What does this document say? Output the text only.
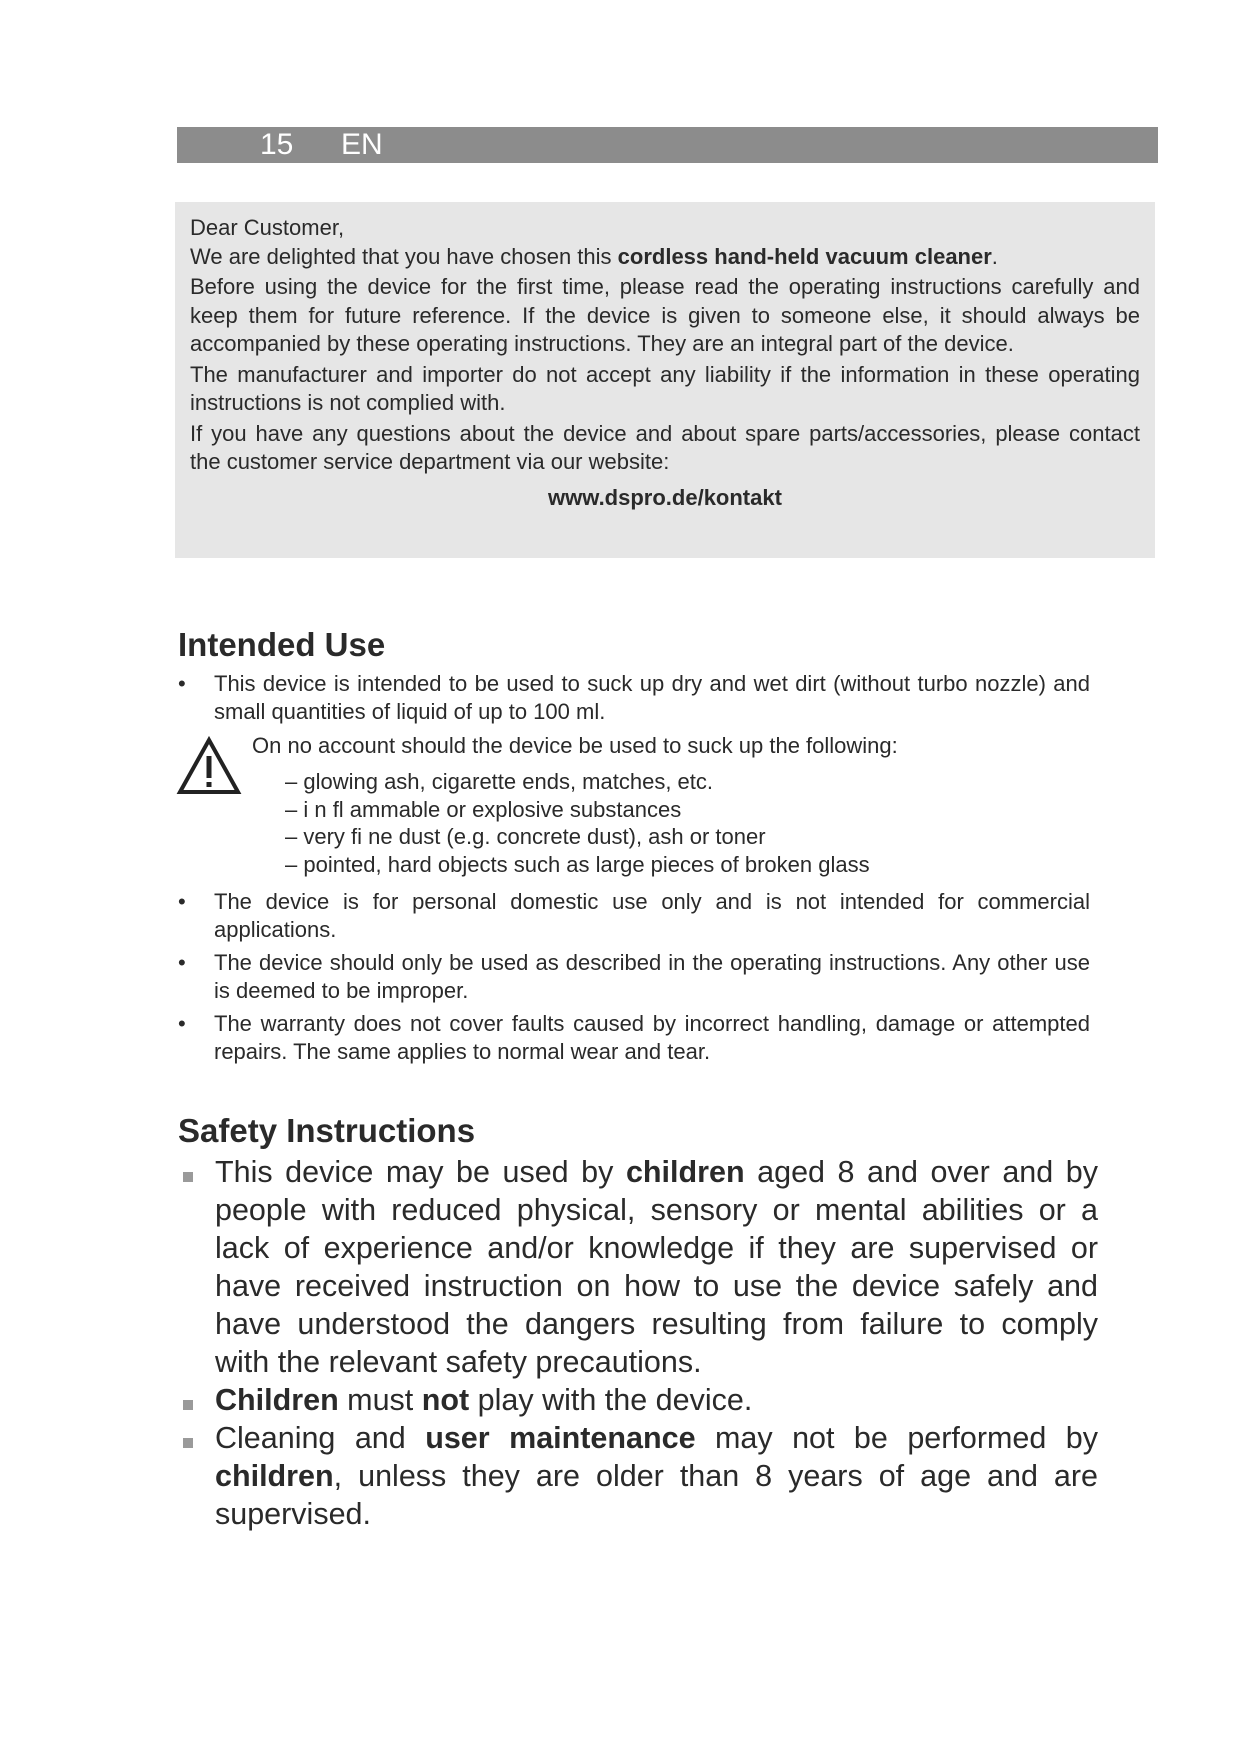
15 EN

Dear Customer,

We are delighted that you have chosen this cordless hand-held vacuum cleaner.

Before using the device for the first time, please read the operating instructions carefully and keep them for future reference. If the device is given to someone else, it should always be accompanied by these operating instructions. They are an integral part of the device.

The manufacturer and importer do not accept any liability if the information in these operating instructions is not complied with.

If you have any questions about the device and about spare parts/accessories, please contact the customer service department via our website:

www.dspro.de/kontakt

Intended Use
• This device is intended to be used to suck up dry and wet dirt (without turbo nozzle) and small quantities of liquid of up to 100 ml.
On no account should the device be used to suck up the following:
– glowing ash, cigarette ends, matches, etc.
– i n fl ammable or explosive substances
– very fi ne dust (e.g. concrete dust), ash or toner
– pointed, hard objects such as large pieces of broken glass
• The device is for personal domestic use only and is not intended for commercial applications.
• The device should only be used as described in the operating instructions. Any other use is deemed to be improper.
• The warranty does not cover faults caused by incorrect handling, damage or attempted repairs. The same applies to normal wear and tear.
Safety Instructions
This device may be used by children aged 8 and over and by people with reduced physical, sensory or mental abilities or a lack of experience and/or knowledge if they are supervised or have received instruction on how to use the device safely and have understood the dangers resulting from failure to comply with the relevant safety precautions.
Children must not play with the device.
Cleaning and user maintenance may not be performed by children, unless they are older than 8 years of age and are supervised.
